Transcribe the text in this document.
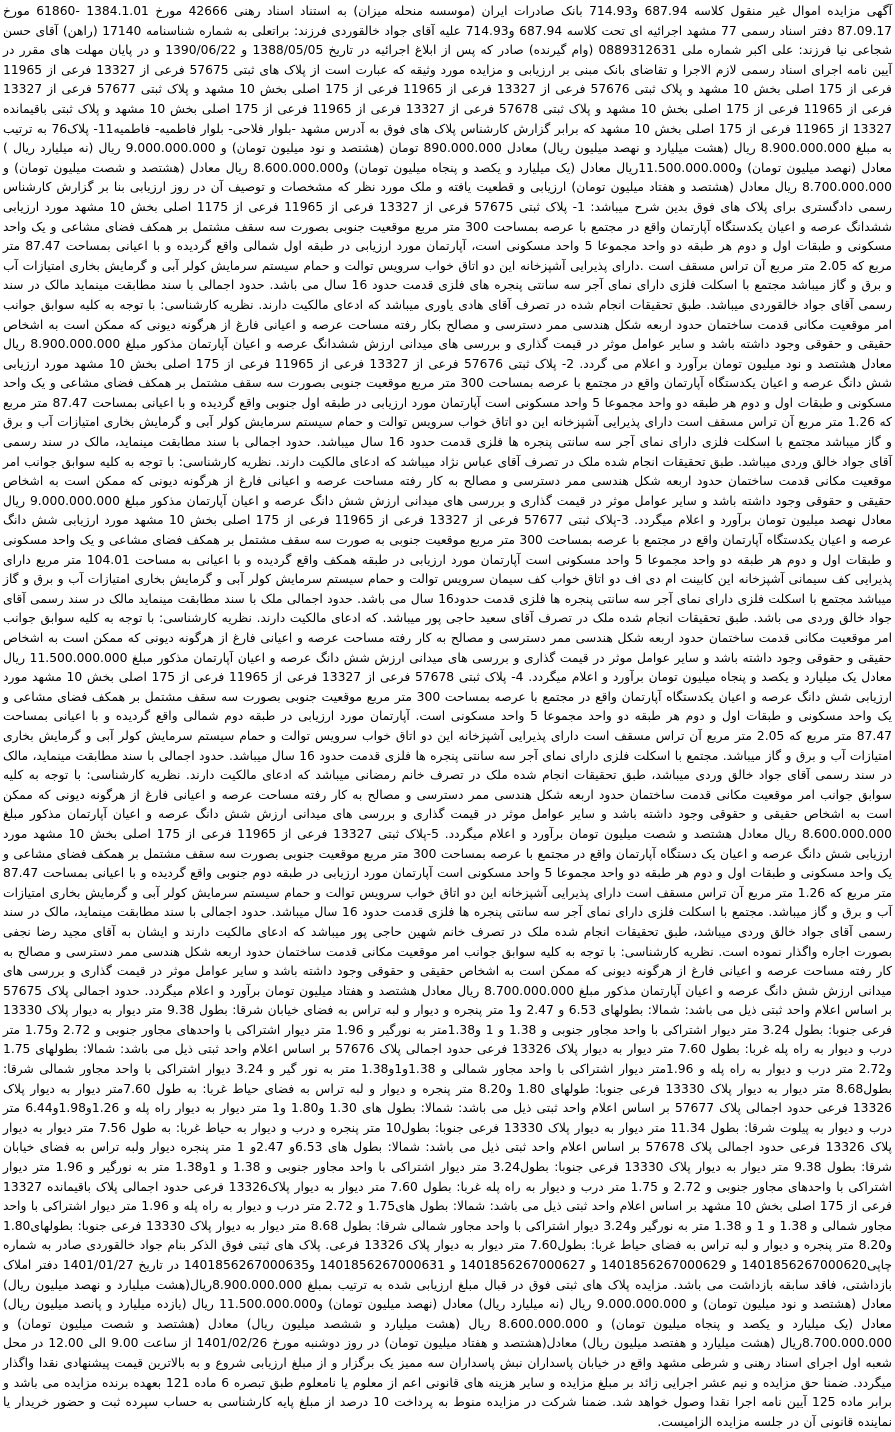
آگهی مزایده اموال غیر منقول کلاسه 687.94 و714.93 بانک صادرات ایران (موسسه منحله میزان) به استناد اسناد رهنی 42666 مورخ 1384.1.01 -61860 مورخ 87.09.17 دفتر اسناد رسمی 77 مشهد اجرائیه ای تحت کلاسه 687.94 و714.93 علیه آقای جواد خالقوردی فرزند: براتعلی به شماره شناسنامه 17140 (راهن) آقای حسن شجاعی نیا فرزند: علی اکبر شماره ملی 0889312631 (وام گیرنده) صادر که پس از ابلاغ اجرائیه در تاریخ 1388/05/05 و 1390/06/22 و در پایان مهلت های مقرر در آیین نامه اجرای اسناد رسمی لازم الاجرا و تقاضای بانک مبنی بر ارزیابی و مزایده مورد وثیقه که عبارت است از پلاک های ثبتی 57675 فرعی از 13327 فرعی از 11965 فرعی از 175 اصلی بخش 10 مشهد و پلاک ثبتی 57676 فرعی از 13327 فرعی از 11965 فرعی از 175 اصلی بخش 10 مشهد و پلاک ثبتی 57677 فرعی از 13327 فرعی از 11965 فرعی از 175 اصلی بخش 10 مشهد و پلاک ثبتی 57678 فرعی از 13327 فرعی از 11965 فرعی از 175 اصلی بخش 10 مشهد و پلاک ثبتی باقیمانده 13327 از 11965 فرعی از 175 اصلی بخش 10 مشهد که برابر گزارش کارشناس پلاک های فوق به آدرس مشهد -بلوار فلاحی- بلوار فاطمیه- فاطمیه11- پلاک76 به ترتیب به مبلغ 8.900.000.000 ریال (هشت میلیارد و نهصد میلیون ریال) معادل 890.000.000 تومان (هشتصد و نود میلیون تومان) و 9.000.000.000 ریال (نه میلیارد ریال ) معادل (نهصد میلیون تومان) و11.500.000.000ریال معادل (یک میلیارد و یکصد و پنجاه میلیون تومان) و8.600.000.000 ریال معادل (هشتصد و شصت میلیون تومان) و 8.700.000.000 ریال معادل (هشتصد و هفتاد میلیون تومان) ارزیابی و قطعیت یافته و ملک مورد نظر که مشخصات و توصیف آن در روز ارزیابی بنا بر گزارش کارشناس رسمی دادگستری برای پلاک های فوق بدین شرح میباشد: 1- پلاک ثبتی 57675 فرعی از 13327 فرعی از 11965 فرعی از 1175 اصلی بخش 10 مشهد مورد ارزیابی ششدانگ عرصه و اعیان یکدستگاه آپارتمان واقع در مجتمع با عرصه بمساحت 300 متر مربع موقعیت جنوبی بصورت سه سقف مشتمل بر همکف فضای مشاعی و یک واحد مسکونی و طبقات اول و دوم هر طبقه دو واحد مجموعا 5 واحد مسکونی است، آپارتمان مورد ارزیابی در طبقه اول شمالی واقع گردیده و با اعیانی بمساحت 87.47 متر مربع که 2.05 متر مربع آن تراس مسقف است .دارای پذیرایی آشپزخانه این دو اتاق خواب سرویس توالت و حمام سیستم سرمایش کولر آبی و گرمایش بخاری امتیازات آب و برق و گاز میباشد مجتمع با اسکلت فلزی دارای نمای آجر سه سانتی پنجره های فلزی قدمت حدود 16 سال می باشد. حدود اجمالی با سند مطابقت مینماید مالک در سند رسمی آقای جواد خالقوردی میباشد. طبق تحقیقات انجام شده در تصرف آقای هادی یاوری میباشد که ادعای مالکیت دارند. نظریه کارشناسی: با توجه به کلیه سوابق جوانب امر موقعیت مکانی قدمت ساختمان حدود اربعه شکل هندسی ممر دسترسی و مصالح بکار رفته مساحت عرصه و اعیانی فارغ از هرگونه دیونی که ممکن است به اشخاص حقیقی و حقوقی وجود داشته باشد و سایر عوامل موثر در قیمت گذاری و بررسی های میدانی ارزش ششدانگ عرصه و اعیان آپارتمان مذکور مبلغ 8.900.000.000 ریال معادل هشتصد و نود میلیون تومان برآورد و اعلام می گردد. 2- پلاک ثبتی 57676 فرعی از 13327 فرعی از 11965 فرعی از 175 اصلی بخش 10 مشهد مورد ارزیابی شش دانگ عرصه و اعیان یکدستگاه آپارتمان واقع در مجتمع با عرصه بمساحت 300 متر مربع موقعیت جنوبی بصورت سه سقف مشتمل بر همکف فضای مشاعی و یک واحد مسکونی و طبقات اول و دوم هر طبقه دو واحد مجموعا 5 واحد مسکونی است آپارتمان مورد ارزیابی در طبقه اول جنوبی واقع گردیده و با اعیانی بمساحت 87.47 متر مربع که 1.26 متر مربع آن تراس مسقف است دارای پذیرایی آشپزخانه این دو اتاق خواب سرویس توالت و حمام سیستم سرمایش کولر آبی و گرمایش بخاری امتیازات آب و برق و گاز میباشد مجتمع با اسکلت فلزی دارای نمای آجر سه سانتی پنجره ها فلزی قدمت حدود 16 سال میباشد. حدود اجمالی با سند مطابقت مینماید، مالک در سند رسمی آقای جواد خالق وردی میباشد. طبق تحقیقات انجام شده ملک در تصرف آقای عباس نژاد میباشد که ادعای مالکیت دارند. نظریه کارشناسی: با توجه به کلیه سوابق جوانب امر موقعیت مکانی قدمت ساختمان حدود اربعه شکل هندسی ممر دسترسی و مصالح به کار رفته مساحت عرصه و اعیانی فارغ از هرگونه دیونی که ممکن است به اشخاص حقیقی و حقوقی وجود داشته باشد و سایر عوامل موثر در قیمت گذاری و بررسی های میدانی ارزش شش دانگ عرصه و اعیان آپارتمان مذکور مبلغ 9.000.000.000 ریال معادل نهصد میلیون تومان برآورد و اعلام میگردد. 3-پلاک ثبتی 57677 فرعی از 13327 فرعی از 11965 فرعی از 175 اصلی بخش 10 مشهد مورد ارزیابی شش دانگ عرصه و اعیان یکدستگاه آپارتمان واقع در مجتمع با عرصه بمساحت 300 متر مربع موقعیت جنوبی به صورت سه سقف مشتمل بر همکف فضای مشاعی و یک واحد مسکونی و طبقات اول و دوم هر طبقه دو واحد مجموعا 5 واحد مسکونی است آپارتمان مورد ارزیابی در طبقه همکف واقع گردیده و با اعیانی به مساحت 104.01 متر مربع دارای پذیرایی کف سیمانی آشپزخانه این کابینت ام دی اف دو اتاق خواب کف سیمان سرویس توالت و حمام سیستم سرمایش کولر آبی و گرمایش بخاری امتیازات آب و برق و گاز میباشد مجتمع با اسکلت فلزی دارای نمای آجر سه سانتی پنجره ها فلزی قدمت حدود16 سال می باشد. حدود اجمالی ملک با سند مطابقت مینماید مالک در سند رسمی آقای جواد خالق وردی می باشد. طبق تحقیقات انجام شده ملک در تصرف آقای سعید حاجی پور میباشد. که ادعای مالکیت دارند. نظریه کارشناسی: با توجه به کلیه سوابق جوانب امر موقعیت مکانی قدمت ساختمان حدود اربعه شکل هندسی ممر دسترسی و مصالح به کار رفته مساحت عرصه و اعیانی فارغ از هرگونه دیونی که ممکن است به اشخاص حقیقی و حقوقی وجود داشته باشد و سایر عوامل موثر در قیمت گذاری و بررسی های میدانی ارزش شش دانگ عرصه و اعیان آپارتمان مذکور مبلغ 11.500.000.000 ریال معادل یک میلیارد و یکصد و پنجاه میلیون تومان برآورد و اعلام میگردد. 4- پلاک ثبتی 57678 فرعی از 13327 فرعی از 11965 فرعی از 175 اصلی بخش 10 مشهد مورد ارزیابی شش دانگ عرصه و اعیان یکدستگاه آپارتمان واقع در مجتمع با عرصه بمساحت 300 متر مربع موقعیت جنوبی بصورت سه سقف مشتمل بر همکف فضای مشاعی و یک واحد مسکونی و طبقات اول و دوم هر طبقه دو واحد مجموعا 5 واحد مسکونی است. آپارتمان مورد ارزیابی در طبقه دوم شمالی واقع گردیده و با اعیانی بمساحت 87.47 متر مربع که 2.05 متر مربع آن تراس مسقف است دارای پذیرایی آشپزخانه این دو اتاق خواب سرویس توالت و حمام سیستم سرمایش کولر آبی و گرمایش بخاری امتیازات آب و برق و گاز میباشد. مجتمع با اسکلت فلزی دارای نمای آجر سه سانتی پنجره ها فلزی قدمت حدود 16 سال میباشد. حدود اجمالی با سند مطابقت مینماید، مالک در سند رسمی آقای جواد خالق وردی میباشد، طبق تحقیقات انجام شده ملک در تصرف خانم رمضانی میباشد که ادعای مالکیت دارند. نظریه کارشناسی: با توجه به کلیه سوابق جوانب امر موقعیت مکانی قدمت ساختمان حدود اربعه شکل هندسی ممر دسترسی و مصالح به کار رفته مساحت عرصه و اعیانی فارغ از هرگونه دیونی که ممکن است به اشخاص حقیقی و حقوقی وجود داشته باشد و سایر عوامل موثر در قیمت گذاری و بررسی های میدانی ارزش شش دانگ عرصه و اعیان آپارتمان مذکور مبلغ 8.600.000.000 ریال معادل هشتصد و شصت میلیون تومان برآورد و اعلام میگردد. 5-پلاک ثبتی 13327 فرعی از 11965 فرعی از 175 اصلی بخش 10 مشهد مورد ارزیابی شش دانگ عرصه و اعیان یک دستگاه آپارتمان واقع در مجتمع با عرصه بمساحت 300 متر مربع موقعیت جنوبی بصورت سه سقف مشتمل بر همکف فضای مشاعی و یک واحد مسکونی و طبقات اول و دوم هر طبقه دو واحد مجموعا 5 واحد مسکونی است آپارتمان مورد ارزیابی در طبقه دوم جنوبی واقع گردیده و با اعیانی بمساحت 87.47 متر مربع که 1.26 متر مربع آن تراس مسقف است دارای پذیرایی آشپزخانه این دو اتاق خواب سرویس توالت و حمام سیستم سرمایش کولر آبی و گرمایش بخاری امتیازات آب و برق و گاز میباشد. مجتمع با اسکلت فلزی دارای نمای آجر سه سانتی پنجره ها فلزی قدمت حدود 16 سال میباشد. حدود اجمالی با سند مطابقت مینماید، مالک در سند رسمی آقای جواد خالق وردی میباشد، طبق تحقیقات انجام شده ملک در تصرف خانم شهین حاجی پور میباشد که ادعای مالکیت دارند و ایشان به آقای مجید رضا نجفی بصورت اجاره واگذار نموده است. نظریه کارشناسی: با توجه به کلیه سوابق جوانب امر موقعیت مکانی قدمت ساختمان حدود اربعه شکل هندسی ممر دسترسی و مصالح به کار رفته مساحت عرصه و اعیانی فارغ از هرگونه دیونی که ممکن است به اشخاص حقیقی و حقوقی وجود داشته باشد و سایر عوامل موثر در قیمت گذاری و بررسی های میدانی ارزش شش دانگ عرصه و اعیان آپارتمان مذکور مبلغ 8.700.000.000 ریال معادل هشتصد و هفتاد میلیون تومان برآورد و اعلام میگردد. حدود اجمالی پلاک 57675 بر اساس اعلام واحد ثبتی ذیل می باشد: شمالا: بطولهای 6.53 و 2.47 و1 متر پنجره و دیوار و لبه تراس به فضای خیابان شرقا: بطول 9.38 متر دیوار به دیوار پلاک 13330 فرعی جنوبا: بطول 3.24 متر دیوار اشتراکی با واحد مجاور جنوبی و 1.38 و 1 و1.38متر به نورگیر و 1.96 متر دیوار اشتراکی با واحدهای مجاور جنوبی و 2.72 و1.75 متر درب و دیوار به راه پله غربا: بطول 7.60 متر دیوار به دیوار پلاک 13326 فرعی حدود اجمالی پلاک 57676 بر اساس اعلام واحد ثبتی ذیل می باشد: شمالا: بطولهای 1.75 و2.72 متر درب و دیوار به راه پله و 1.96متر دیوار اشتراکی با واحد مجاور شمالی و 1.38و1و1.38 متر به نور گیر و 3.24 دیوار اشتراکی با واحد مجاور شمالی شرقا: بطول8.68 متر دیوار به دیوار پلاک 13330 فرعی جنوبا: طولهای 1.80 و8.20 متر پنجره و دیوار و لبه تراس به فضای حیاط غربا: به طول 7.60متر دیوار به دیوار پلاک 13326 فرعی حدود اجمالی پلاک 57677 بر اساس اعلام واحد ثبتی ذیل می باشد: شمالا: بطول های 1.30 و1.80 و1 متر دیوار به دیوار راه پله و 1.26و1.98و6.44 متر درب و دیوار به پیلوت شرقا: بطول 11.34 متر دیوار به دیوار پلاک 13330 فرعی جنوبا: بطول10 متر پنجره و درب و دیوار به حیاط غربا: به طول 7.56 متر دیوار به دیوار پلاک 13326 فرعی حدود اجمالی پلاک 57678 بر اساس اعلام واحد ثبتی ذیل می باشد: شمالا: بطول های 6.53و 2.47و 1 متر پنجره دیوار ولبه تراس به فضای خیابان شرقا: بطول 9.38 متر دیوار به دیوار پلاک 13330 فرعی جنوبا: بطول3.24 متر دیوار اشتراکی با واحد مجاور جنوبی و 1.38 و 1و1.38 متر به نورگیر و 1.96 متر دیوار اشتراکی با واحدهای مجاور جنوبی و 2.72 و 1.75 متر درب و دیوار به راه پله غربا: بطول 7.60 متر دیوار به دیوار پلاک13326 فرعی حدود اجمالی پلاک باقیمانده 13327 فرعی از 175 اصلی بخش 10 مشهد بر اساس اعلام واحد ثبتی ذیل می باشد: شمالا: بطول های1.75 و 2.72 متر درب و دیوار به راه پله و 1.96 متر دیوار اشتراکی با واحد مجاور شمالی و 1.38 و 1 و 1.38 متر به نورگیر و3.24 دیوار اشتراکی با واحد مجاور شمالی شرقا: بطول 8.68 متر دیوار به دیوار پلاک 13330 فرعی جنوبا: بطولهای1.80 و8.20 متر پنجره و دیوار و لبه تراس به فضای حیاط غربا: بطول7.60 متر دیوار به دیوار پلاک 13326 فرعی. پلاک های ثبتی فوق الذکر بنام جواد خالقوردی صادر به شماره چاپی1401856267000620 و 1401856267000629 و 1401856267000627 و 1401856267000631 و1401856267000635 در تاریخ 1401/01/27 دفتر املاک بازداشتی، فاقد سابقه بازداشت می باشد. مزایده پلاک های ثبتی فوق در قبال مبلغ ارزیابی شده به ترتیب بمبلغ 8.900.000.000ریال(هشت میلیارد و نهصد میلیون ریال) معادل (هشتصد و نود میلیون تومان) و 9.000.000.000 ریال (نه میلیارد ریال) معادل (نهصد میلیون تومان) و11.500.000.000 ریال (یازده میلیارد و پانصد میلیون ریال) معادل (یک میلیارد و یکصد و پنجاه میلیون تومان) و 8.600.000.000 ریال (هشت میلیارد و ششصد میلیون ریال) معادل (هشتصد و شصت میلیون تومان) و 8.700.000.000ریال (هشت میلیارد و هفتصد میلیون ریال) معادل(هشتصد و هفتاد میلیون تومان) در روز دوشنبه مورخ 1401/02/26 از ساعت 9.00 الی 12.00 در محل شعبه اول اجرای اسناد رهنی و شرطی مشهد واقع در خیابان پاسداران نبش پاسداران سه ممیز یک برگزار و از مبلغ ارزیابی شروع و به بالاترین قیمت پیشنهادی نقدا واگذار میگردد. ضمنا حق مزایده و نیم عشر اجرایی زائد بر مبلغ مزایده و سایر هزینه های قانونی اعم از معلوم یا نامعلوم طبق تبصره 6 ماده 121 بعهده برنده مزایده می باشد و برابر ماده 125 آیین نامه اجرا نقدا وصول خواهد شد. ضمنا شرکت در مزایده منوط به پرداخت 10 درصد از مبلغ پایه کارشناسی به حساب سپرده ثبت و حضور خریدار یا نماینده قانونی آن در جلسه مزایده الزامیست.
